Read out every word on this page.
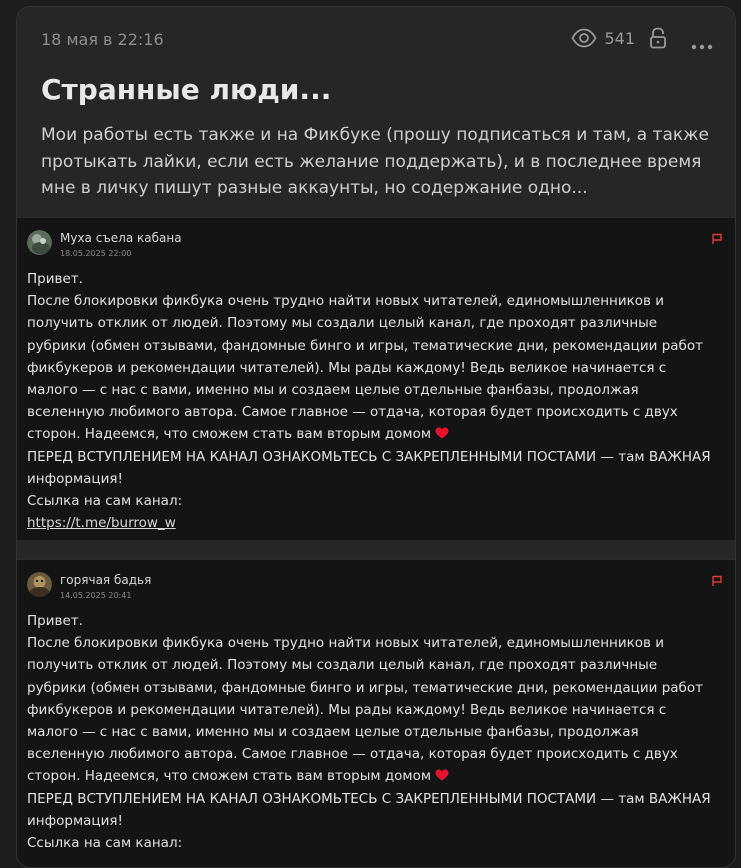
18 мая в 22:16	541
Странные люди...

Мои работы есть также и на Фикбуке (прошу подписаться и там, а также протыкать лайки, если есть желание поддержать), и в последнее время мне в личку пишут разные аккаунты, но содержание одно...

Муха съела кабана
18.05.2025 22:00

Привет.

После блокировки фикбука очень трудно найти новых читателей, единомышленников и получить отклик от людей. Поэтому мы создали целый канал, где проходят различные рубрики (обмен отзывами, фандомные бинго и игры, тематические дни, рекомендации работ фикбукеров и рекомендации читателей). Мы рады каждому! Ведь великое начинается с малого — с нас с вами, именно мы и создаем целые отдельные фанбазы, продолжая вселенную любимого автора. Самое главное — отдача, которая будет происходить с двух сторон. Надеемся, что сможем стать вам вторым домом

ПЕРЕД ВСТУПЛЕНИЕМ НА КАНАЛ ОЗНАКОМЬТЕСЬ С ЗАКРЕПЛЕННЫМИ ПОСТАМИ — там ВАЖНАЯ информация!

Ссылка на сам канал:

https://t.me/burrow_w

горячая бадья
14.05.2025 20:41

Привет.

После блокировки фикбука очень трудно найти новых читателей, единомышленников и получить отклик от людей. Поэтому мы создали целый канал, где проходят различные рубрики (обмен отзывами, фандомные бинго и игры, тематические дни, рекомендации работ фикбукеров и рекомендации читателей). Мы рады каждому! Ведь великое начинается с малого — с нас с вами, именно мы и создаем целые отдельные фанбазы, продолжая вселенную любимого автора. Самое главное — отдача, которая будет происходить с двух сторон. Надеемся, что сможем стать вам вторым домом

ПЕРЕД ВСТУПЛЕНИЕМ НА КАНАЛ ОЗНАКОМЬТЕСЬ С ЗАКРЕПЛЕННЫМИ ПОСТАМИ — там ВАЖНАЯ информация!

Ссылка на сам канал:
